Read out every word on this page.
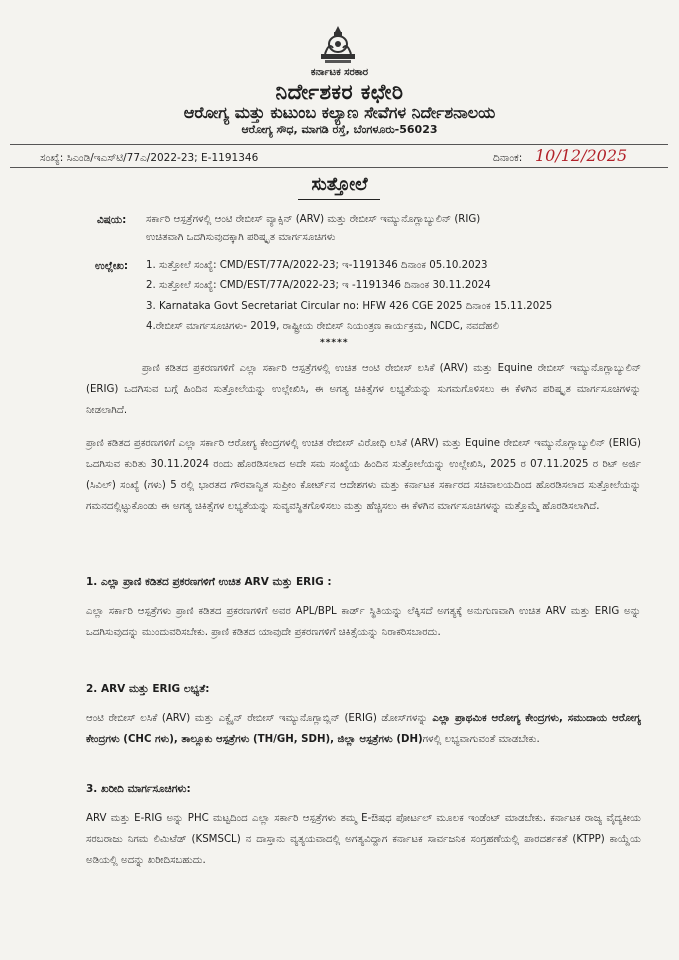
ಕರ್ನಾಟಕ ಸರಕಾರ
ನಿರ್ದೇಶಕರ ಕಛೇರಿ
ಆರೋಗ್ಯ ಮತ್ತು ಕುಟುಂಬ ಕಲ್ಯಾಣ ಸೇವೆಗಳ ನಿರ್ದೇಶನಾಲಯ
ಆರೋಗ್ಯ ಸೌಧ, ಮಾಗಡಿ ರಸ್ತೆ, ಬೆಂಗಳೂರು-56023
ಸಂಖ್ಯೆ: ಸಿಎಂಡಿ/ಇಎಸ್‌ಟಿ/77ಎ/2022-23; E-1191346	ದಿನಾಂಕ: 10/12/2025
ಸುತ್ತೋಲೆ
ವಿಷಯ: ಸರ್ಕಾರಿ ಆಸ್ಪತ್ರೆಗಳಲ್ಲಿ ಆಂಟಿ ರೇಬೀಸ್ ವ್ಯಾಕ್ಸಿನ್ (ARV) ಮತ್ತು ರೇಬೀಸ್ ಇಮ್ಯುನೊಗ್ಲಾಬ್ಯುಲಿನ್ (RIG)
ಉಚಿತವಾಗಿ ಒದಗಿಸುವುದಕ್ಕಾಗಿ ಪರಿಷ್ಕೃತ ಮಾರ್ಗಸೂಚಿಗಳು
ಉಲ್ಲೇಖ: 1. ಸುತ್ತೋಲೆ ಸಂಖ್ಯೆ: CMD/EST/77A/2022-23; ಇ-1191346 ದಿನಾಂಕ 05.10.2023
2. ಸುತ್ತೋಲೆ ಸಂಖ್ಯೆ: CMD/EST/77A/2022-23; ಇ -1191346 ದಿನಾಂಕ 30.11.2024
3. Karnataka Govt Secretariat Circular no: HFW 426 CGE 2025 ದಿನಾಂಕ 15.11.2025
4.ರೇಬೀಸ್ ಮಾರ್ಗಸೂಚಿಗಳು- 2019, ರಾಷ್ಟ್ರೀಯ ರೇಬೀಸ್ ನಿಯಂತ್ರಣ ಕಾರ್ಯಕ್ರಮ, NCDC, ನವದೆಹಲಿ
*****
ಪ್ರಾಣಿ ಕಡಿತದ ಪ್ರಕರಣಗಳಿಗೆ ಎಲ್ಲಾ ಸರ್ಕಾರಿ ಆಸ್ಪತ್ರೆಗಳಲ್ಲಿ ಉಚಿತ ಆಂಟಿ ರೇಬೀಸ್ ಲಸಿಕೆ (ARV) ಮತ್ತು Equine ರೇಬೀಸ್ ಇಮ್ಯುನೊಗ್ಲಾಬ್ಯುಲಿನ್ (ERIG) ಒದಗಿಸುವ ಬಗ್ಗೆ ಹಿಂದಿನ ಸುತ್ತೋಲೆಯನ್ನು ಉಲ್ಲೇಖಿಸಿ, ಈ ಅಗತ್ಯ ಚಿಕಿತ್ಸೆಗಳ ಲಭ್ಯತೆಯನ್ನು ಸುಗಮಗೊಳಿಸಲು ಈ ಕೆಳಗಿನ ಪರಿಷ್ಕೃತ ಮಾರ್ಗಸೂಚಿಗಳನ್ನು ನೀಡಲಾಗಿದೆ.
ಪ್ರಾಣಿ ಕಡಿತದ ಪ್ರಕರಣಗಳಿಗೆ ಎಲ್ಲಾ ಸರ್ಕಾರಿ ಆರೋಗ್ಯ ಕೇಂದ್ರಗಳಲ್ಲಿ ಉಚಿತ ರೇಬೀಸ್ ವಿರೋಧಿ ಲಸಿಕೆ (ARV) ಮತ್ತು Equine ರೇಬೀಸ್ ಇಮ್ಯುನೊಗ್ಲಾಬ್ಯುಲಿನ್ (ERIG) ಒದಗಿಸುವ ಕುರಿತು 30.11.2024 ರಂದು ಹೊರಡಿಸಲಾದ ಅದೇ ಸಮ ಸಂಖ್ಯೆಯ ಹಿಂದಿನ ಸುತ್ತೋಲೆಯನ್ನು ಉಲ್ಲೇಖಿಸಿ, 2025 ರ 07.11.2025 ರ ರಿಟ್ ಅರ್ಜಿ (ಸಿವಿಲ್) ಸಂಖ್ಯೆ (ಗಳು) 5 ರಲ್ಲಿ ಭಾರತದ ಗೌರವಾನ್ವಿತ ಸುಪ್ರೀಂ ಕೋರ್ಟ್‌ನ ಆದೇಶಗಳು ಮತ್ತು ಕರ್ನಾಟಕ ಸರ್ಕಾರದ ಸಚಿವಾಲಯದಿಂದ ಹೊರಡಿಸಲಾದ ಸುತ್ತೋಲೆಯನ್ನು ಗಮನದಲ್ಲಿಟ್ಟುಕೊಂಡು ಈ ಅಗತ್ಯ ಚಿಕಿತ್ಸೆಗಳ ಲಭ್ಯತೆಯನ್ನು ಸುವ್ಯವಸ್ಥಿತಗೊಳಿಸಲು ಮತ್ತು ಹೆಚ್ಚಿಸಲು ಈ ಕೆಳಗಿನ ಮಾರ್ಗಸೂಚಿಗಳನ್ನು ಮತ್ತೊಮ್ಮೆ ಹೊರಡಿಸಲಾಗಿದೆ.
1. ಎಲ್ಲಾ ಪ್ರಾಣಿ ಕಡಿತದ ಪ್ರಕರಣಗಳಿಗೆ ಉಚಿತ ARV ಮತ್ತು ERIG :
ಎಲ್ಲಾ ಸರ್ಕಾರಿ ಆಸ್ಪತ್ರೆಗಳು ಪ್ರಾಣಿ ಕಡಿತದ ಪ್ರಕರಣಗಳಿಗೆ ಅವರ APL/BPL ಕಾರ್ಡ್ ಸ್ಥಿತಿಯನ್ನು ಲೆಕ್ಕಿಸದೆ ಅಗತ್ಯಕ್ಕೆ ಅನುಗುಣವಾಗಿ ಉಚಿತ ARV ಮತ್ತು ERIG ಅನ್ನು ಒದಗಿಸುವುದನ್ನು ಮುಂದುವರಿಸಬೇಕು. ಪ್ರಾಣಿ ಕಡಿತದ ಯಾವುದೇ ಪ್ರಕರಣಗಳಿಗೆ ಚಿಕಿತ್ಸೆಯನ್ನು ನಿರಾಕರಿಸಬಾರದು.
2. ARV ಮತ್ತು ERIG ಲಭ್ಯತೆ:
ಆಂಟಿ ರೇಬೀಸ್ ಲಸಿಕೆ (ARV) ಮತ್ತು ಎಕ್ವೈನ್ ರೇಬೀಸ್ ಇಮ್ಯುನೊಗ್ಲಾಬ್ಲಿನ್ (ERIG) ಡೋಸ್‌ಗಳನ್ನು ಎಲ್ಲಾ ಪ್ರಾಥಮಿಕ ಆರೋಗ್ಯ ಕೇಂದ್ರಗಳು, ಸಮುದಾಯ ಆರೋಗ್ಯ ಕೇಂದ್ರಗಳು (CHC ಗಳು), ತಾಲ್ಲೂಕು ಆಸ್ಪತ್ರೆಗಳು (TH/GH, SDH), ಜಿಲ್ಲಾ ಆಸ್ಪತ್ರೆಗಳು (DH)ಗಳಲ್ಲಿ ಲಭ್ಯವಾಗುವಂತೆ ಮಾಡಬೇಕು.
3. ಖರೀದಿ ಮಾರ್ಗಸೂಚಿಗಳು:
ARV ಮತ್ತು E-RIG ಅನ್ನು PHC ಮಟ್ಟದಿಂದ ಎಲ್ಲಾ ಸರ್ಕಾರಿ ಆಸ್ಪತ್ರೆಗಳು ತಮ್ಮ E-ಔಷಧ ಪೋರ್ಟಲ್ ಮೂಲಕ ಇಂಡೆಂಟ್ ಮಾಡಬೇಕು. ಕರ್ನಾಟಕ ರಾಜ್ಯ ವೈದ್ಯಕೀಯ ಸರಬರಾಜು ನಿಗಮ ಲಿಮಿಟೆಡ್ (KSMSCL) ನ ದಾಸ್ತಾನು ವ್ಯತ್ಯಯವಾದಲ್ಲಿ ಅಗತ್ಯವಿದ್ದಾಗ ಕರ್ನಾಟಕ ಸಾರ್ವಜನಿಕ ಸಂಗ್ರಹಣೆಯಲ್ಲಿ ಪಾರದರ್ಶಕತೆ (KTPP) ಕಾಯ್ದೆಯ ಅಡಿಯಲ್ಲಿ ಅದನ್ನು ಖರೀದಿಸಬಹುದು.
